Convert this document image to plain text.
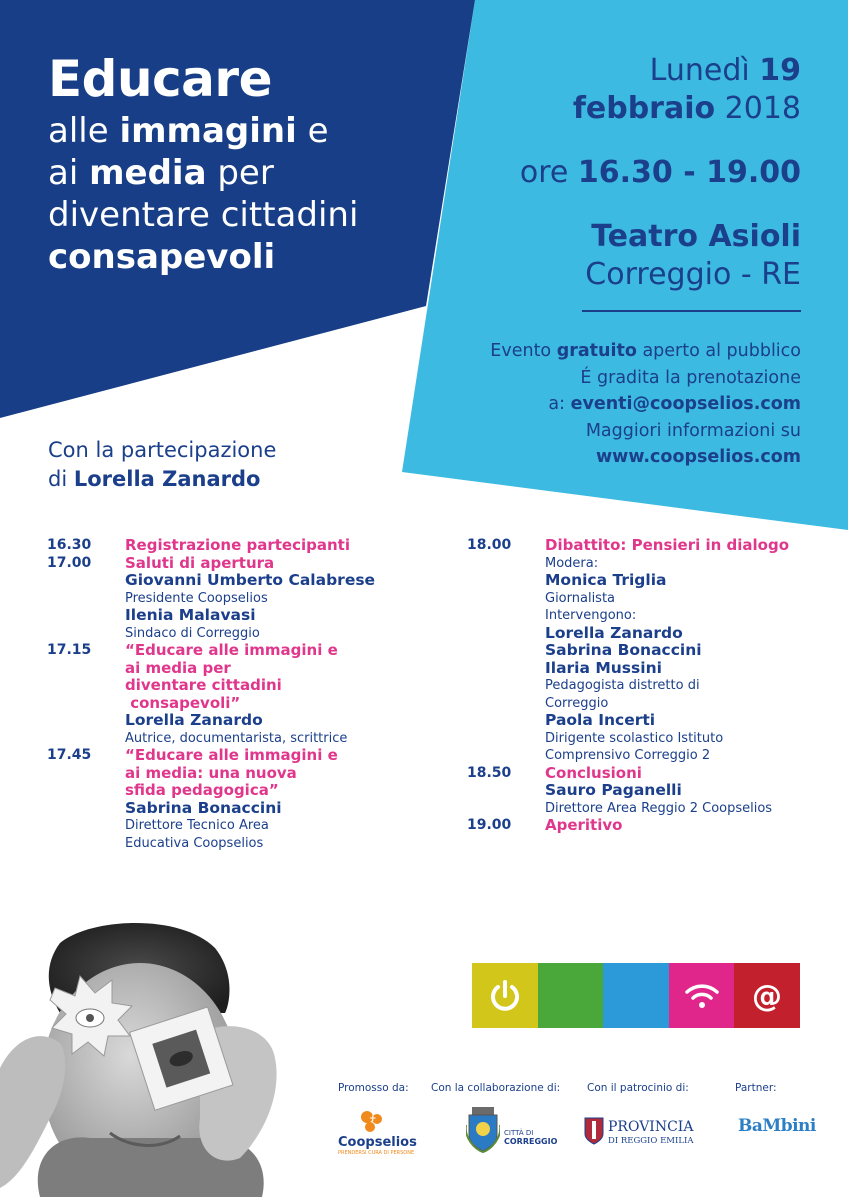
Educare
alle immagini e
ai media per
diventare cittadini
consapevoli
Lunedì 19
febbraio 2018
ore 16.30 - 19.00
Teatro Asioli
Correggio - RE
Evento gratuito aperto al pubblico
É gradita la prenotazione
a: eventi@coopselios.com
Maggiori informazioni su
www.coopselios.com
Con la partecipazione
di Lorella Zanardo
16.30	Registrazione partecipanti
17.00	Saluti di apertura
Giovanni Umberto Calabrese
Presidente Coopselios
Ilenia Malavasi
Sindaco di Correggio
17.15	“Educare alle immagini e
ai media per
diventare cittadini
consapevoli”
Lorella Zanardo
Autrice, documentarista, scrittrice
17.45	“Educare alle immagini e
ai media: una nuova
sfida pedagogica”
Sabrina Bonaccini
Direttore Tecnico Area
Educativa Coopselios
18.00	Dibattito: Pensieri in dialogo
Modera:
Monica Triglia
Giornalista
Intervengono:
Lorella Zanardo
Sabrina Bonaccini
Ilaria Mussini
Pedagogista distretto di
Correggio
Paola Incerti
Dirigente scolastico Istituto
Comprensivo Correggio 2
18.50	Conclusioni
Sauro Paganelli
Direttore Area Reggio 2 Coopselios
19.00	Aperitivo
@
Promosso da: Con la collaborazione di:	Con il patrocinio di:	Partner:
+
Coopselios
PRENDERSI CURA DI PERSONE
CITTÀ DI
CORREGGIO
PROVINCIA
DI REGGIO EMILIA
BaMbini
